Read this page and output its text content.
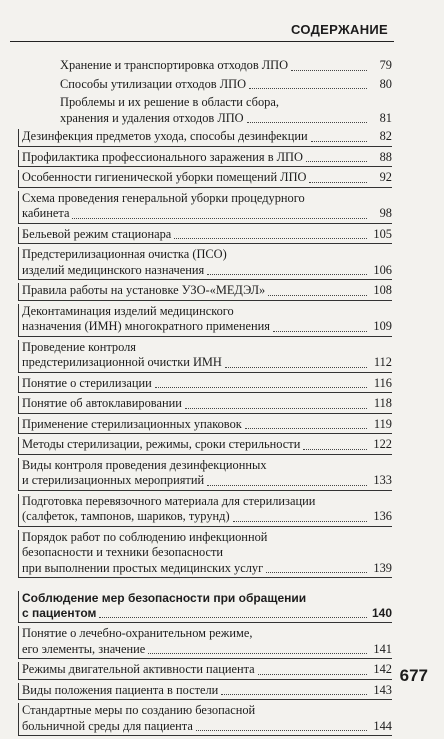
СОДЕРЖАНИЕ
Хранение и транспортировка отходов ЛПО	79
Способы утилизации отходов ЛПО	80
Проблемы и их решение в области сбора,
хранения и удаления отходов ЛПО	81
Дезинфекция предметов ухода, способы дезинфекции	82
Профилактика профессионального заражения в ЛПО	88
Особенности гигиенической уборки помещений ЛПО	92
Схема проведения генеральной уборки процедурного
кабинета	98
Бельевой режим стационара	105
Предстерилизационная очистка (ПСО)
изделий медицинского назначения	106
Правила работы на установке УЗО-«МЕДЭЛ»	108
Деконтаминация изделий медицинского
назначения (ИМН) многократного применения	109
Проведение контроля
предстерилизационной очистки ИМН	112
Понятие о стерилизации	116
Понятие об автоклавировании	118
Применение стерилизационных упаковок	119
Методы стерилизации, режимы, сроки стерильности	122
Виды контроля проведения дезинфекционных
и стерилизационных мероприятий	133
Подготовка перевязочного материала для стерилизации
(салфеток, тампонов, шариков, турунд)	136
Порядок работ по соблюдению инфекционной
безопасности и техники безопасности
при выполнении простых медицинских услуг	139
Соблюдение мер безопасности при обращении
с пациентом	140
Понятие о лечебно-охранительном режиме,
его элементы, значение	141
Режимы двигательной активности пациента	142
Виды положения пациента в постели	143
Стандартные меры по созданию безопасной
больничной среды для пациента	144
677
